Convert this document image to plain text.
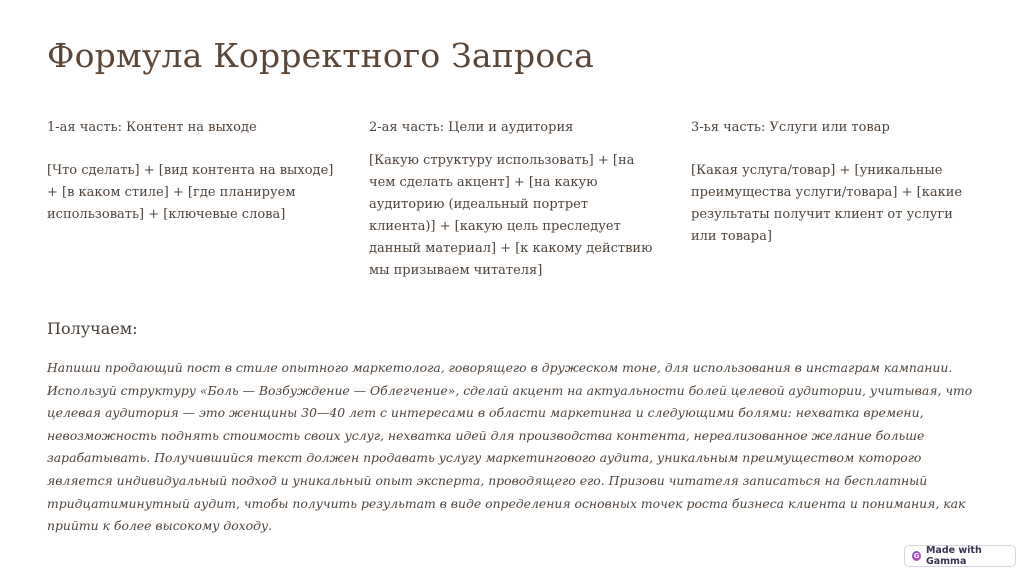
Формула Корректного Запроса
1-ая часть: Контент на выходе
[Что сделать] + [вид контента на выходе] + [в каком стиле] + [где планируем использовать] + [ключевые слова]
2-ая часть: Цели и аудитория
[Какую структуру использовать] + [на чем сделать акцент] + [на какую аудиторию (идеальный портрет клиента)] + [какую цель преследует данный материал] + [к какому действию мы призываем читателя]
3-ья часть: Услуги или товар
[Какая услуга/товар] + [уникальные преимущества услуги/товара] + [какие результаты получит клиент от услуги или товара]
Получаем:

Напиши продающий пост в стиле опытного маркетолога, говорящего в дружеском тоне, для использования в инстаграм кампании. Используй структуру «Боль — Возбуждение — Облегчение», сделай акцент на актуальности болей целевой аудитории, учитывая, что целевая аудитория — это женщины 30—40 лет с интересами в области маркетинга и следующими болями: нехватка времени, невозможность поднять стоимость своих услуг, нехватка идей для производства контента, нереализованное желание больше зарабатывать. Получившийся текст должен продавать услугу маркетингового аудита, уникальным преимуществом которого является индивидуальный подход и уникальный опыт эксперта, проводящего его. Призови читателя записаться на бесплатный тридцатиминутный аудит, чтобы получить результат в виде определения основных точек роста бизнеса клиента и понимания, как прийти к более высокому доходу.

G Made with Gamma
